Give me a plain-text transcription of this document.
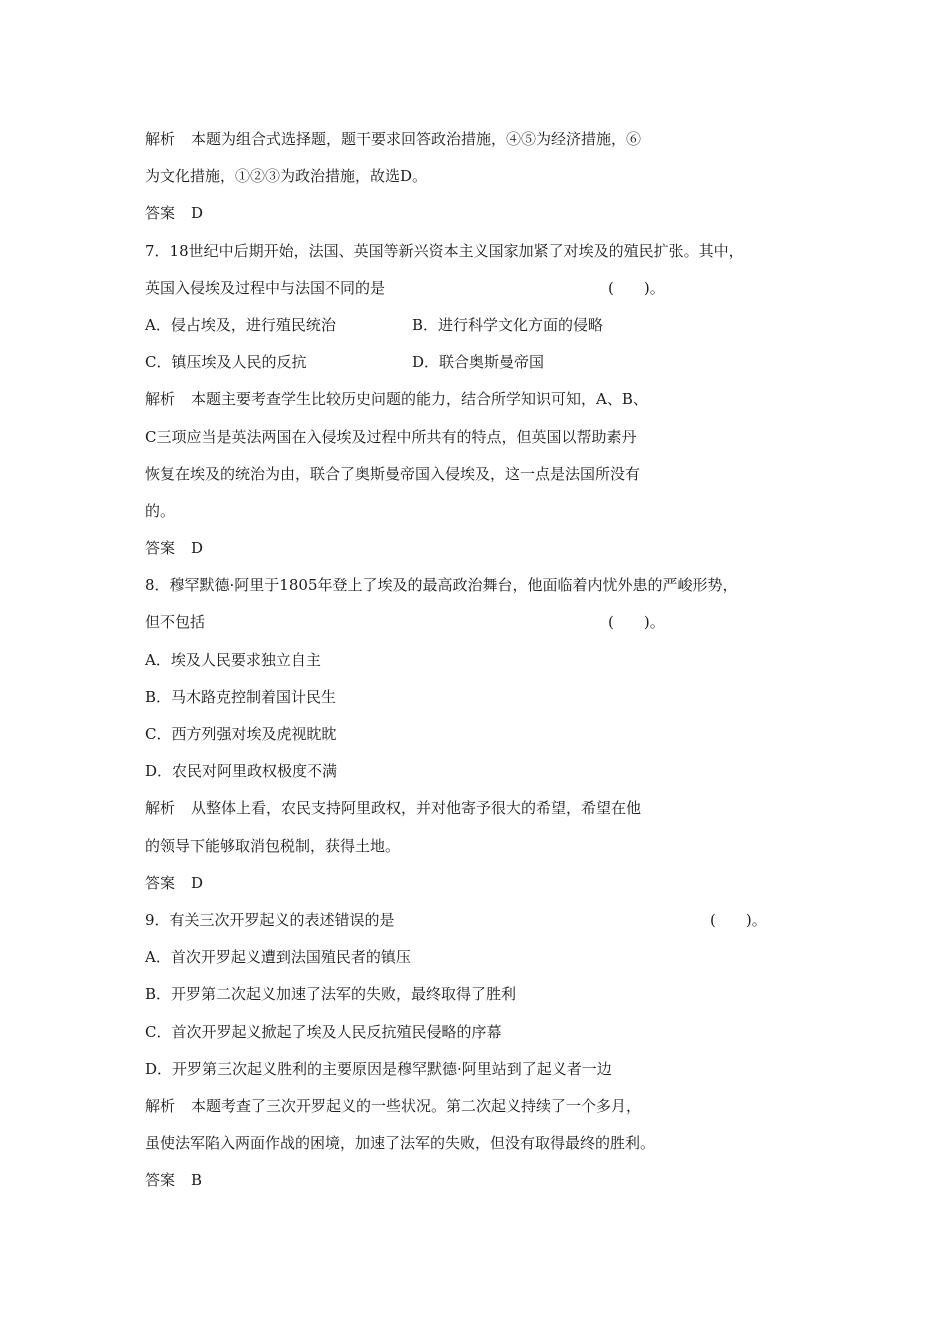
解析 本题为组合式选择题，题干要求回答政治措施，④⑤为经济措施，⑥
为文化措施，①②③为政治措施，故选D。
答案 D
7．18世纪中后期开始，法国、英国等新兴资本主义国家加紧了对埃及的殖民扩张。其中，
英国入侵埃及过程中与法国不同的是	(　　)。
A．侵占埃及，进行殖民统治	B．进行科学文化方面的侵略
C．镇压埃及人民的反抗	D．联合奥斯曼帝国
解析 本题主要考查学生比较历史问题的能力，结合所学知识可知，A、B、
C三项应当是英法两国在入侵埃及过程中所共有的特点，但英国以帮助素丹
恢复在埃及的统治为由，联合了奥斯曼帝国入侵埃及，这一点是法国所没有
的。
答案 D
8．穆罕默德·阿里于1805年登上了埃及的最高政治舞台，他面临着内忧外患的严峻形势，
但不包括	(　　)。
A．埃及人民要求独立自主
B．马木路克控制着国计民生
C．西方列强对埃及虎视眈眈
D．农民对阿里政权极度不满
解析 从整体上看，农民支持阿里政权，并对他寄予很大的希望，希望在他
的领导下能够取消包税制，获得土地。
答案 D
9．有关三次开罗起义的表述错误的是	(　　)。
A．首次开罗起义遭到法国殖民者的镇压
B．开罗第二次起义加速了法军的失败，最终取得了胜利
C．首次开罗起义掀起了埃及人民反抗殖民侵略的序幕
D．开罗第三次起义胜利的主要原因是穆罕默德·阿里站到了起义者一边
解析 本题考查了三次开罗起义的一些状况。第二次起义持续了一个多月，
虽使法军陷入两面作战的困境，加速了法军的失败，但没有取得最终的胜利。
答案 B
